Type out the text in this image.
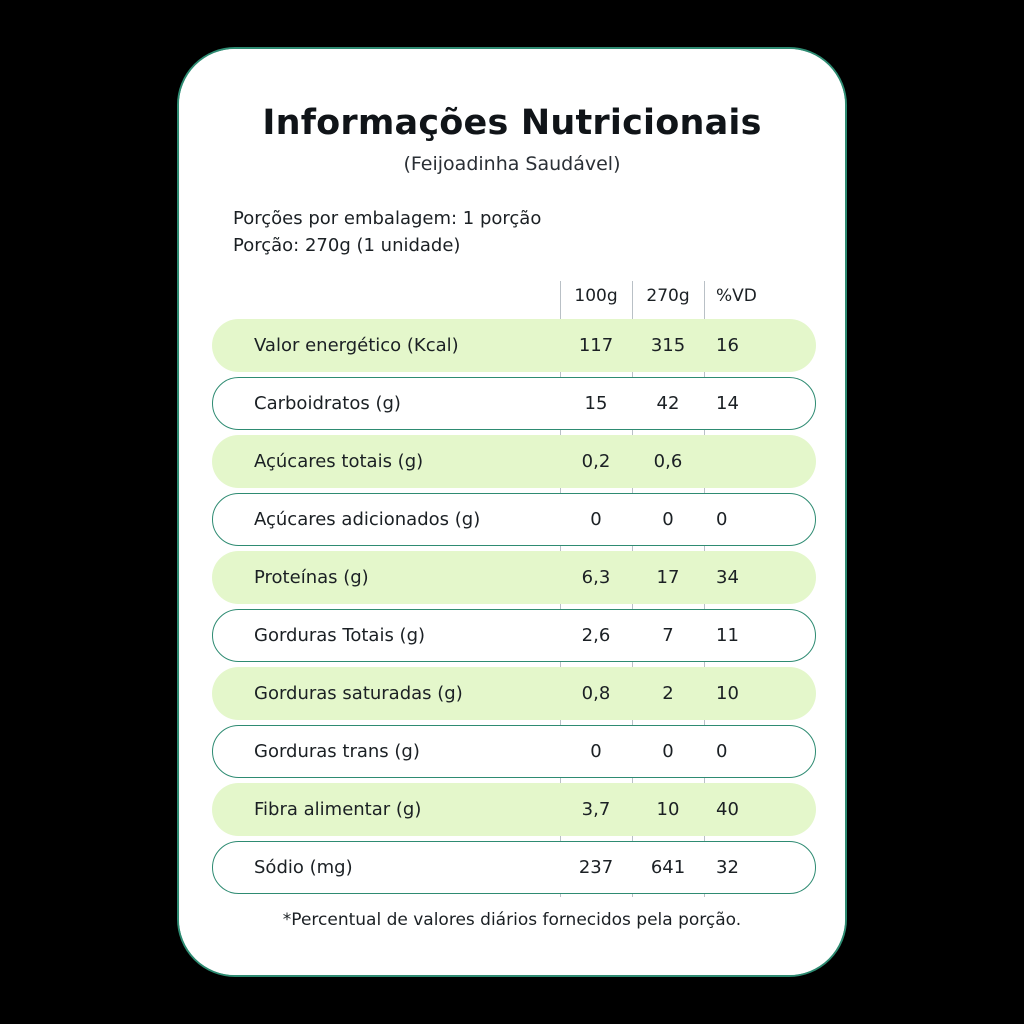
Informações Nutricionais
(Feijoadinha Saudável)
Porções por embalagem: 1 porção
Porção: 270g (1 unidade)
100g	270g	%VD
Valor energético (Kcal)	117	315	16
Carboidratos (g)	15	42	14
Açúcares totais (g)	0,2	0,6
Açúcares adicionados (g)	0	0	0
Proteínas (g)	6,3	17	34
Gorduras Totais (g)	2,6	7	11
Gorduras saturadas (g)	0,8	2	10
Gorduras trans (g)	0	0	0
Fibra alimentar (g)	3,7	10	40
Sódio (mg)	237	641	32
*Percentual de valores diários fornecidos pela porção.
